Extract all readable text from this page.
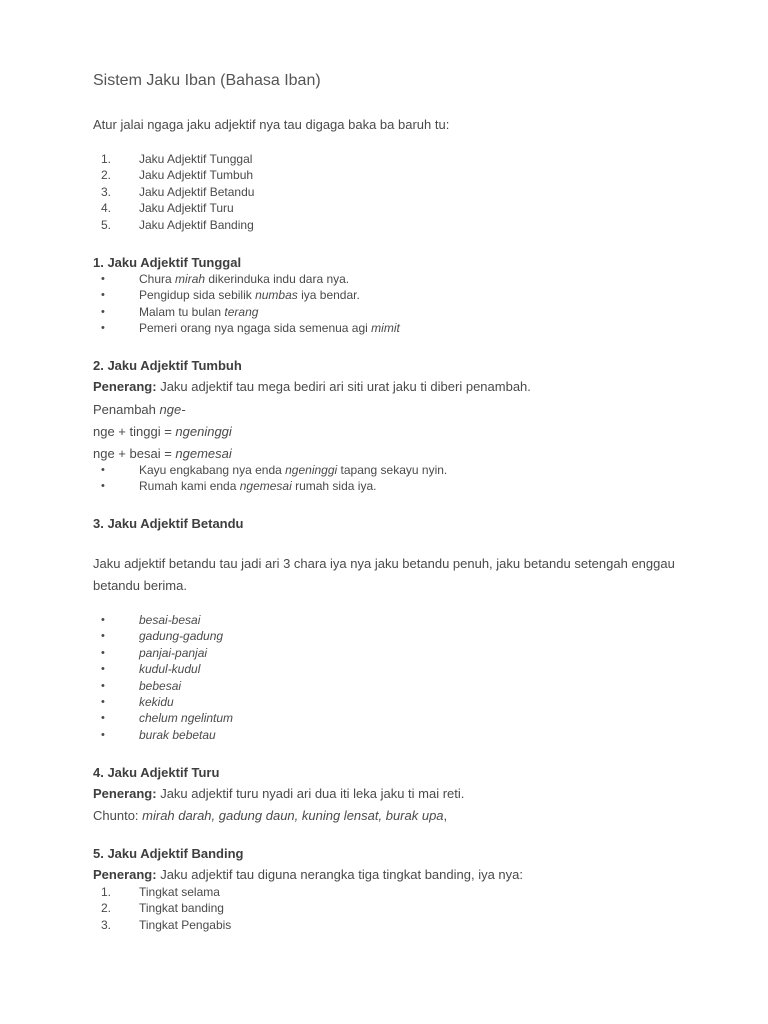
Sistem Jaku Iban (Bahasa Iban)
Atur jalai ngaga jaku adjektif nya tau digaga baka ba baruh tu:
1. Jaku Adjektif Tunggal
2. Jaku Adjektif Tumbuh
3. Jaku Adjektif Betandu
4. Jaku Adjektif Turu
5. Jaku Adjektif Banding
1. Jaku Adjektif Tunggal
•	Chura mirah dikerinduka indu dara nya.
•	Pengidup sida sebilik numbas iya bendar.
•	Malam tu bulan terang
•	Pemeri orang nya ngaga sida semenua agi mimit
2. Jaku Adjektif Tumbuh
Penerang: Jaku adjektif tau mega bediri ari siti urat jaku ti diberi penambah.
Penambah nge-
nge + tinggi = ngeninggi
nge + besai = ngemesai
•	Kayu engkabang nya enda ngeninggi tapang sekayu nyin.
•	Rumah kami enda ngemesai rumah sida iya.
3. Jaku Adjektif Betandu
Jaku adjektif betandu tau jadi ari 3 chara iya nya jaku betandu penuh, jaku betandu setengah enggau betandu berima.
•	besai-besai
•	gadung-gadung
•	panjai-panjai
•	kudul-kudul
•	bebesai
•	kekidu
•	chelum ngelintum
•	burak bebetau
4. Jaku Adjektif Turu
Penerang: Jaku adjektif turu nyadi ari dua iti leka jaku ti mai reti.
Chunto: mirah darah, gadung daun, kuning lensat, burak upa,
5. Jaku Adjektif Banding
Penerang: Jaku adjektif tau diguna nerangka tiga tingkat banding, iya nya:
1. Tingkat selama
2. Tingkat banding
3. Tingkat Pengabis
